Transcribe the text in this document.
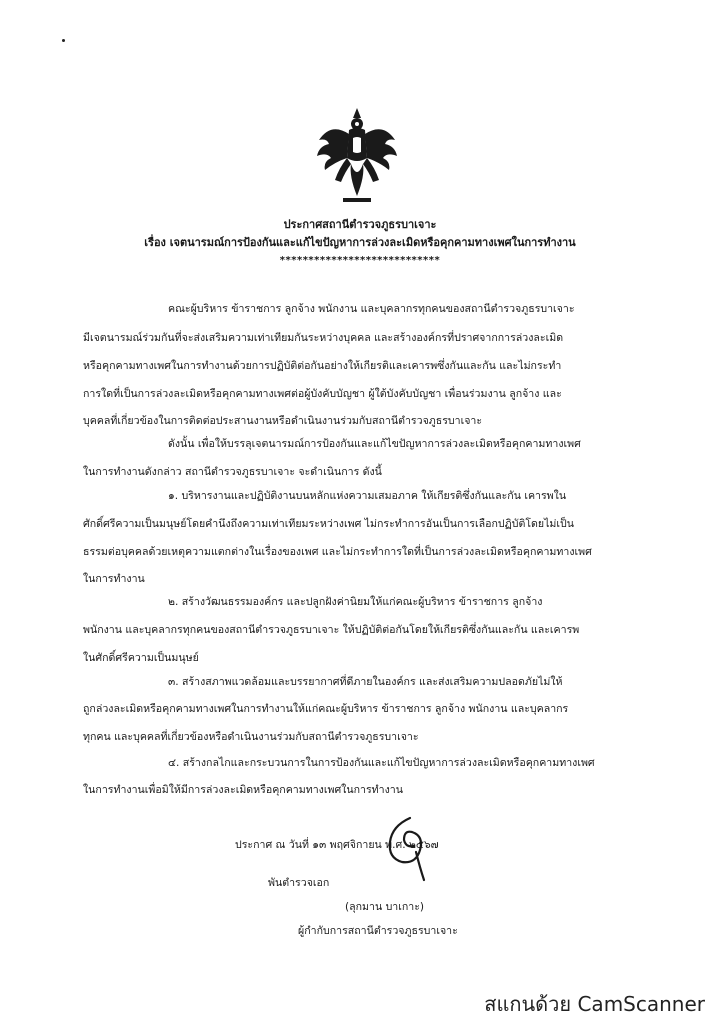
ประกาศสถานีตำรวจภูธรบาเจาะ
เรื่อง เจตนารมณ์การป้องกันและแก้ไขปัญหาการล่วงละเมิดหรือคุกคามทางเพศในการทำงาน
****************************
คณะผู้บริหาร ข้าราชการ ลูกจ้าง พนักงาน และบุคลากรทุกคนของสถานีตำรวจภูธรบาเจาะ
มีเจตนารมณ์ร่วมกันที่จะส่งเสริมความเท่าเทียมกันระหว่างบุคคล และสร้างองค์กรที่ปราศจากการล่วงละเมิด
หรือคุกคามทางเพศในการทำงานด้วยการปฏิบัติต่อกันอย่างให้เกียรติและเคารพซึ่งกันและกัน และไม่กระทำ
การใดที่เป็นการล่วงละเมิดหรือคุกคามทางเพศต่อผู้บังคับบัญชา ผู้ใต้บังคับบัญชา เพื่อนร่วมงาน ลูกจ้าง และ
บุคคลที่เกี่ยวข้องในการติดต่อประสานงานหรือดำเนินงานร่วมกับสถานีตำรวจภูธรบาเจาะ
ดังนั้น เพื่อให้บรรลุเจตนารมณ์การป้องกันและแก้ไขปัญหาการล่วงละเมิดหรือคุกคามทางเพศ
ในการทำงานดังกล่าว สถานีตำรวจภูธรบาเจาะ จะดำเนินการ ดังนี้
๑. บริหารงานและปฏิบัติงานบนหลักแห่งความเสมอภาค ให้เกียรติซึ่งกันและกัน เคารพใน
ศักดิ์ศรีความเป็นมนุษย์โดยคำนึงถึงความเท่าเทียมระหว่างเพศ ไม่กระทำการอันเป็นการเลือกปฏิบัติโดยไม่เป็น
ธรรมต่อบุคคลด้วยเหตุความแตกต่างในเรื่องของเพศ และไม่กระทำการใดที่เป็นการล่วงละเมิดหรือคุกคามทางเพศ
ในการทำงาน
๒. สร้างวัฒนธรรมองค์กร และปลูกฝังค่านิยมให้แก่คณะผู้บริหาร ข้าราชการ ลูกจ้าง
พนักงาน และบุคลากรทุกคนของสถานีตำรวจภูธรบาเจาะ ให้ปฏิบัติต่อกันโดยให้เกียรติซึ่งกันและกัน และเคารพ
ในศักดิ์ศรีความเป็นมนุษย์
๓. สร้างสภาพแวดล้อมและบรรยากาศที่ดีภายในองค์กร และส่งเสริมความปลอดภัยไม่ให้
ถูกล่วงละเมิดหรือคุกคามทางเพศในการทำงานให้แก่คณะผู้บริหาร ข้าราชการ ลูกจ้าง พนักงาน และบุคลากร
ทุกคน และบุคคลที่เกี่ยวข้องหรือดำเนินงานร่วมกับสถานีตำรวจภูธรบาเจาะ
๔. สร้างกลไกและกระบวนการในการป้องกันและแก้ไขปัญหาการล่วงละเมิดหรือคุกคามทางเพศ
ในการทำงานเพื่อมิให้มีการล่วงละเมิดหรือคุกคามทางเพศในการทำงาน
ประกาศ ณ วันที่ ๑๓ พฤศจิกายน พ.ศ. ๒๕๖๗
พันตำรวจเอก
(ลุกมาน บาเกาะ)
ผู้กำกับการสถานีตำรวจภูธรบาเจาะ
สแกนด้วย CamScanner
